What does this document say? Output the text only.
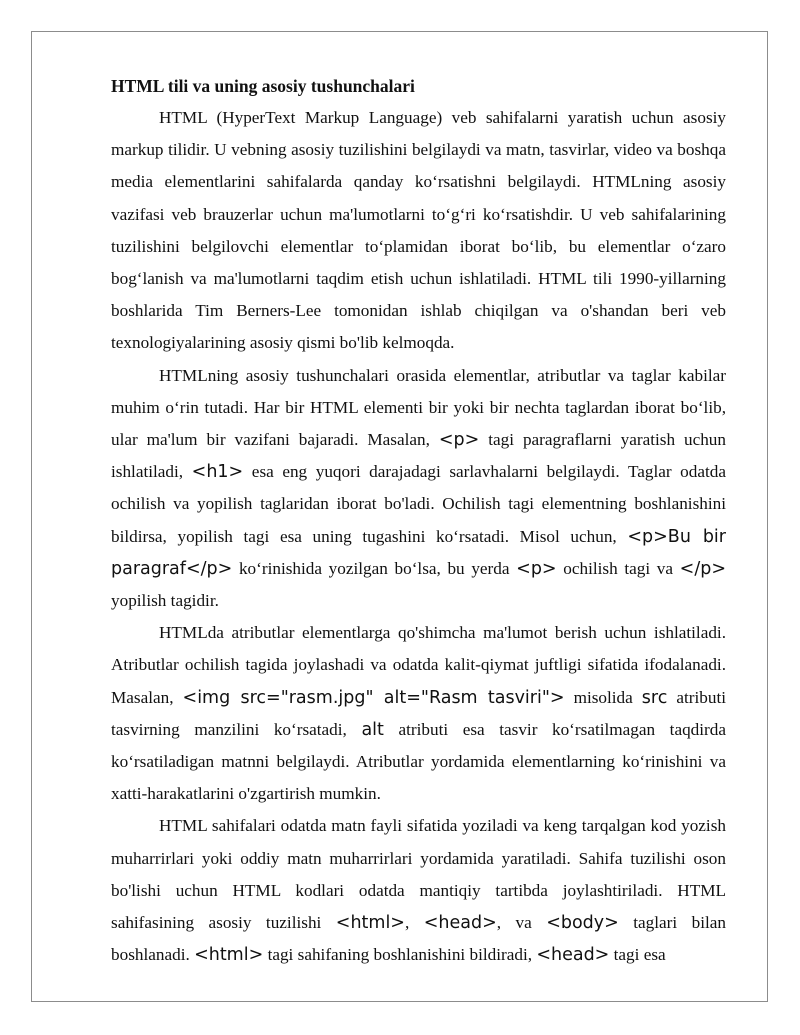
HTML tili va uning asosiy tushunchalari

HTML (HyperText Markup Language) veb sahifalarni yaratish uchun asosiy markup tilidir. U vebning asosiy tuzilishini belgilaydi va matn, tasvirlar, video va boshqa media elementlarini sahifalarda qanday ko‘rsatishni belgilaydi. HTMLning asosiy vazifasi veb brauzerlar uchun ma'lumotlarni to‘g‘ri ko‘rsatishdir. U veb sahifalarining tuzilishini belgilovchi elementlar to‘plamidan iborat bo‘lib, bu elementlar o‘zaro bog‘lanish va ma'lumotlarni taqdim etish uchun ishlatiladi. HTML tili 1990-yillarning boshlarida Tim Berners-Lee tomonidan ishlab chiqilgan va o'shandan beri veb texnologiyalarining asosiy qismi bo'lib kelmoqda.

HTMLning asosiy tushunchalari orasida elementlar, atributlar va taglar kabilar muhim o‘rin tutadi. Har bir HTML elementi bir yoki bir nechta taglardan iborat bo‘lib, ular ma'lum bir vazifani bajaradi. Masalan, <p> tagi paragraflarni yaratish uchun ishlatiladi, <h1> esa eng yuqori darajadagi sarlavhalarni belgilaydi. Taglar odatda ochilish va yopilish taglaridan iborat bo'ladi. Ochilish tagi elementning boshlanishini bildirsa, yopilish tagi esa uning tugashini ko‘rsatadi. Misol uchun, <p>Bu bir paragraf</p> ko‘rinishida yozilgan bo‘lsa, bu yerda <p> ochilish tagi va </p> yopilish tagidir.

HTMLda atributlar elementlarga qo'shimcha ma'lumot berish uchun ishlatiladi. Atributlar ochilish tagida joylashadi va odatda kalit-qiymat juftligi sifatida ifodalanadi. Masalan, <img src="rasm.jpg" alt="Rasm tasviri"> misolida src atributi tasvirning manzilini ko‘rsatadi, alt atributi esa tasvir ko‘rsatilmagan taqdirda ko‘rsatiladigan matnni belgilaydi. Atributlar yordamida elementlarning ko‘rinishini va xatti-harakatlarini o'zgartirish mumkin.

HTML sahifalari odatda matn fayli sifatida yoziladi va keng tarqalgan kod yozish muharrirlari yoki oddiy matn muharrirlari yordamida yaratiladi. Sahifa tuzilishi oson bo'lishi uchun HTML kodlari odatda mantiqiy tartibda joylashtiriladi. HTML sahifasining asosiy tuzilishi <html>, <head>, va <body> taglari bilan boshlanadi. <html> tagi sahifaning boshlanishini bildiradi, <head> tagi esa
